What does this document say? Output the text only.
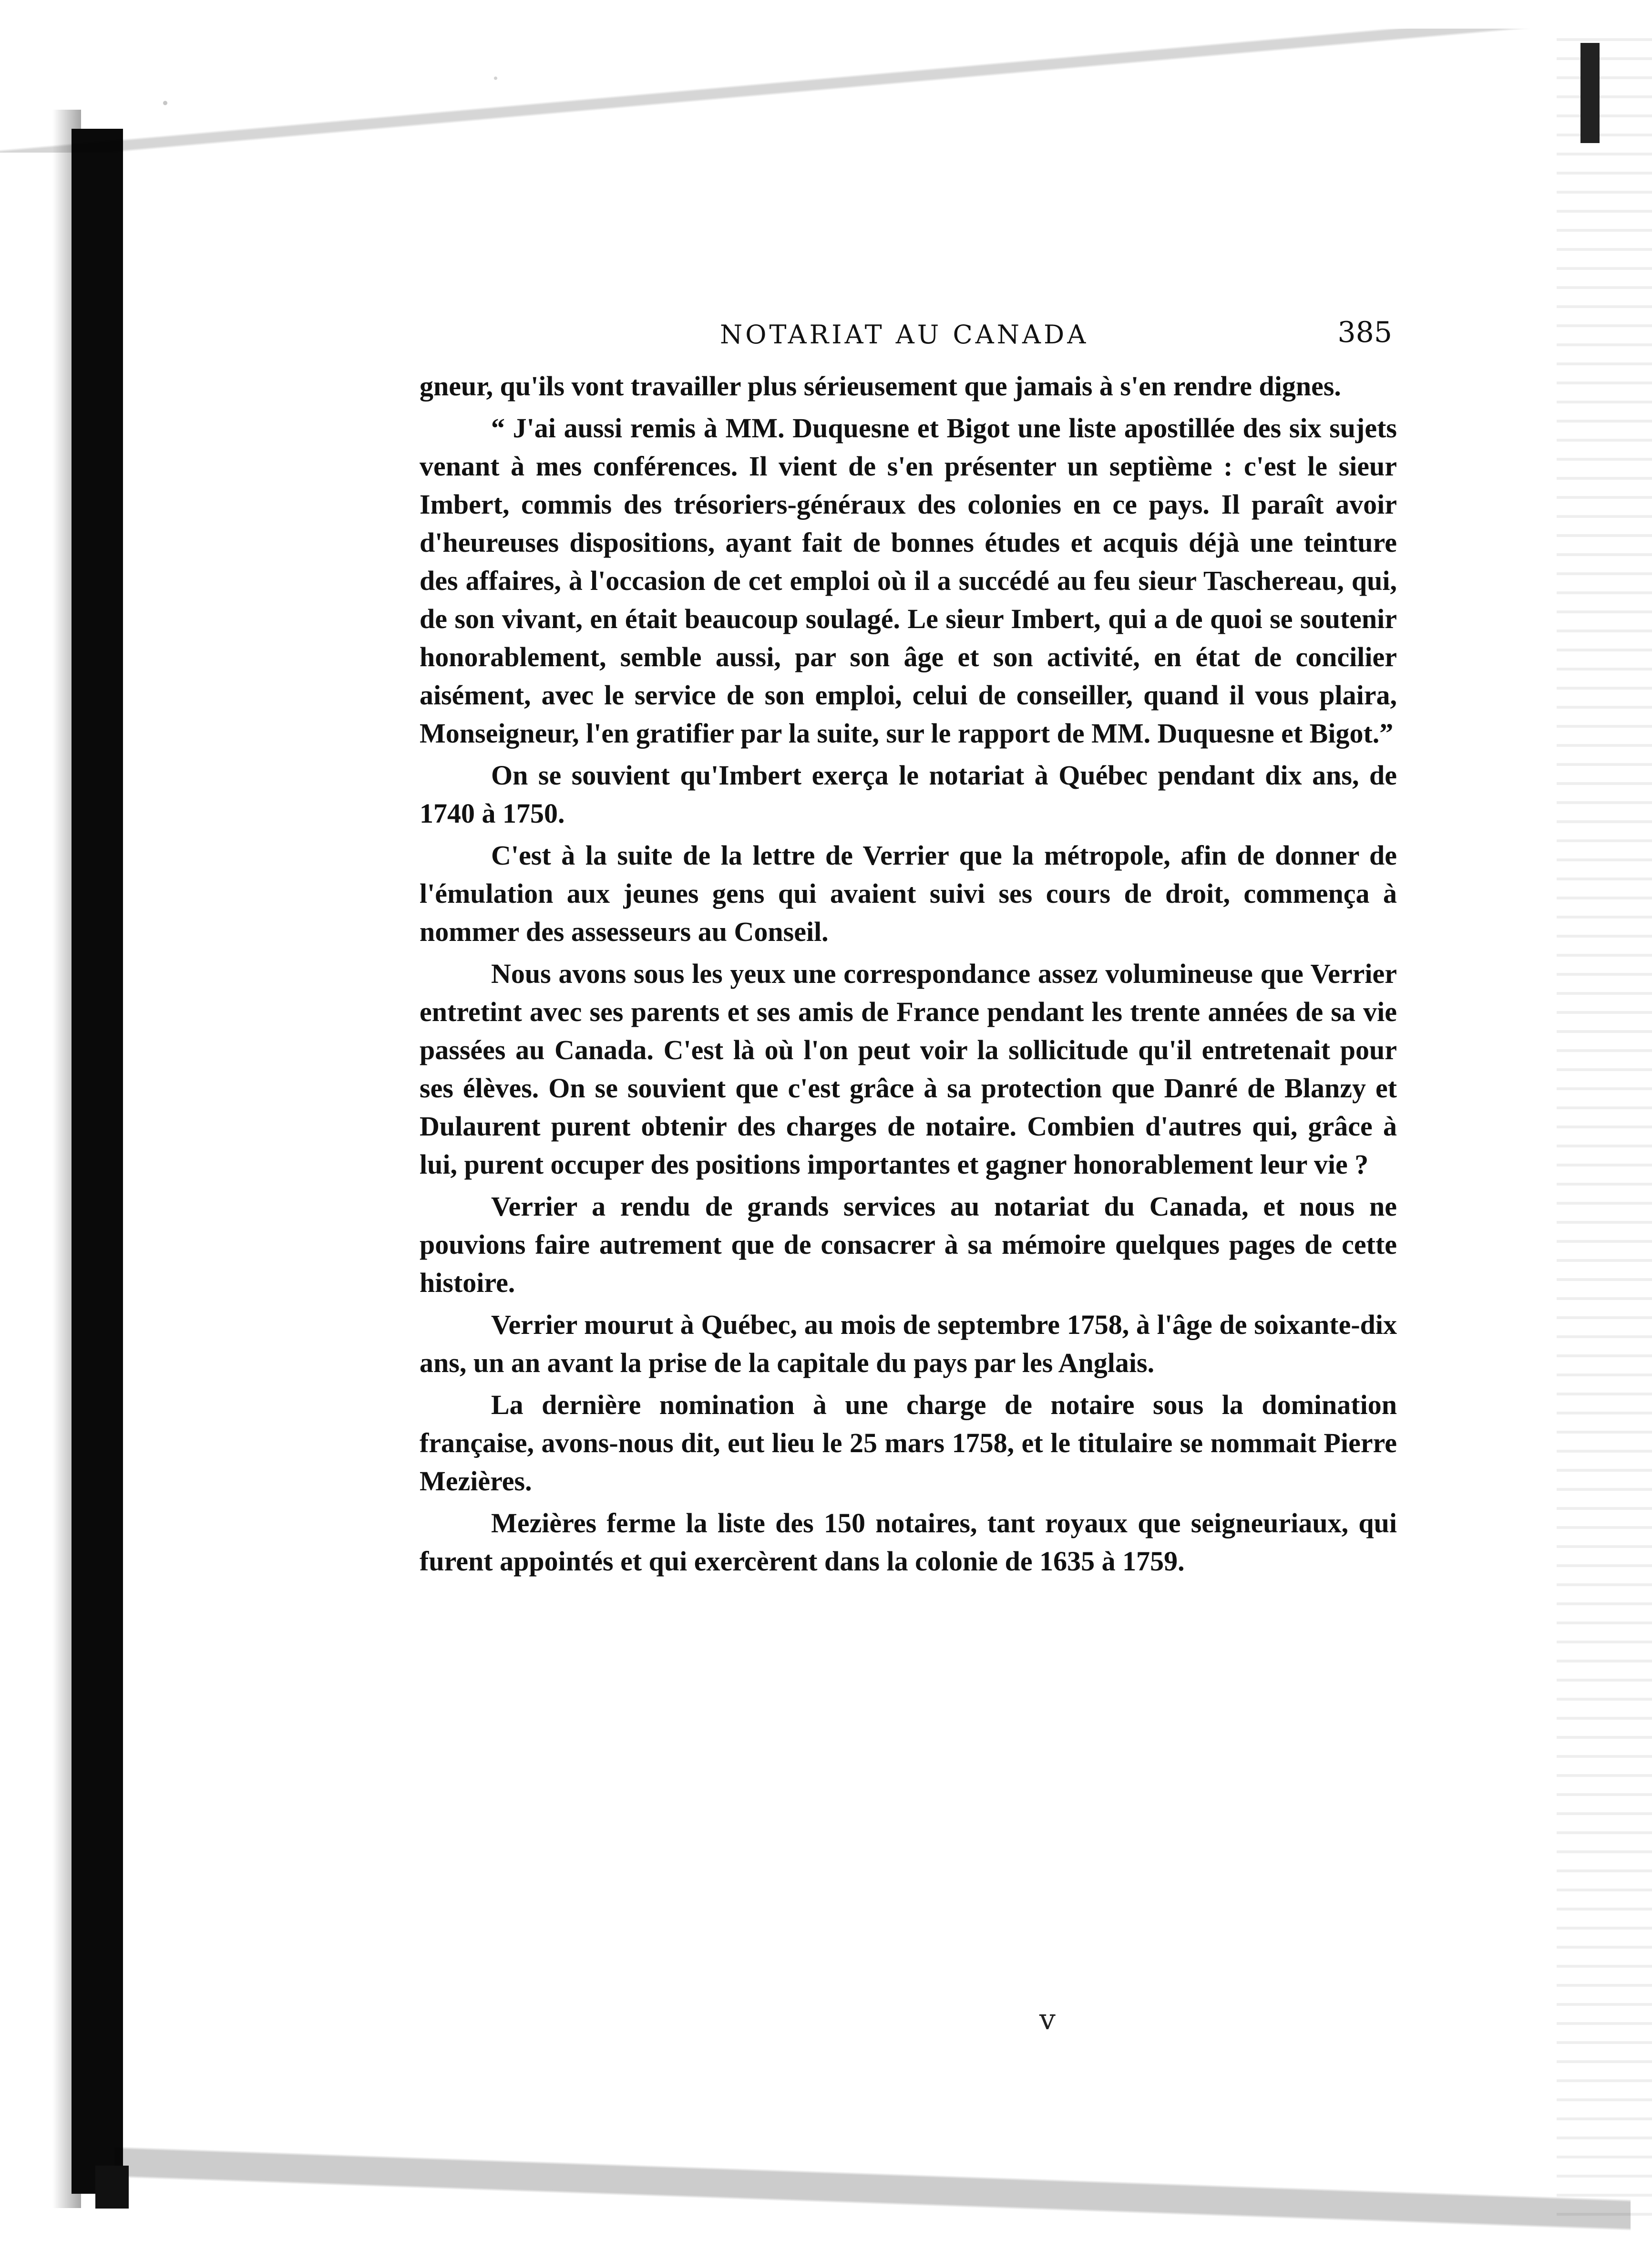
NOTARIAT AU CANADA	385

gneur, qu'ils vont travailler plus sérieusement que jamais à s'en rendre dignes.

“ J'ai aussi remis à MM. Duquesne et Bigot une liste apostillée des six sujets venant à mes conférences. Il vient de s'en présenter un septième : c'est le sieur Imbert, commis des trésoriers-généraux des colonies en ce pays. Il paraît avoir d'heureuses dispositions, ayant fait de bonnes études et acquis déjà une teinture des affaires, à l'occasion de cet emploi où il a succédé au feu sieur Taschereau, qui, de son vivant, en était beaucoup soulagé. Le sieur Imbert, qui a de quoi se soutenir honorablement, semble aussi, par son âge et son activité, en état de concilier aisément, avec le service de son emploi, celui de conseiller, quand il vous plaira, Monseigneur, l'en gratifier par la suite, sur le rapport de MM. Duquesne et Bigot.”

On se souvient qu'Imbert exerça le notariat à Québec pendant dix ans, de 1740 à 1750.

C'est à la suite de la lettre de Verrier que la métropole, afin de donner de l'émulation aux jeunes gens qui avaient suivi ses cours de droit, commença à nommer des assesseurs au Conseil.

Nous avons sous les yeux une correspondance assez volumineuse que Verrier entretint avec ses parents et ses amis de France pendant les trente années de sa vie passées au Canada. C'est là où l'on peut voir la sollicitude qu'il entretenait pour ses élèves. On se souvient que c'est grâce à sa protection que Danré de Blanzy et Dulaurent purent obtenir des charges de notaire. Combien d'autres qui, grâce à lui, purent occuper des positions importantes et gagner honorablement leur vie ?

Verrier a rendu de grands services au notariat du Canada, et nous ne pouvions faire autrement que de consacrer à sa mémoire quelques pages de cette histoire.

Verrier mourut à Québec, au mois de septembre 1758, à l'âge de soixante-dix ans, un an avant la prise de la capitale du pays par les Anglais.

La dernière nomination à une charge de notaire sous la domination française, avons-nous dit, eut lieu le 25 mars 1758, et le titulaire se nommait Pierre Mezières.

Mezières ferme la liste des 150 notaires, tant royaux que seigneuriaux, qui furent appointés et qui exercèrent dans la colonie de 1635 à 1759.

v
